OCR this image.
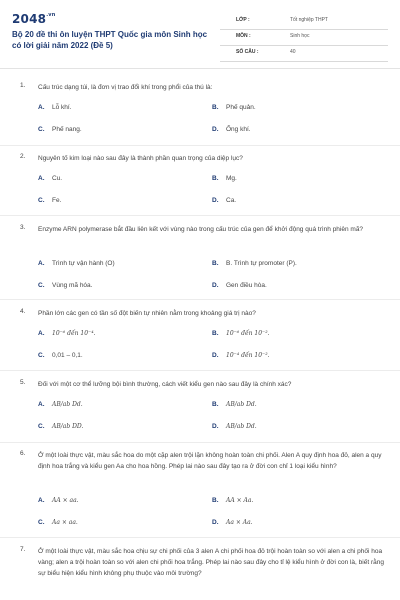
$2048^{.vn}$
Bộ 20 đề thi ôn luyện THPT Quốc gia môn Sinh học có lời giải năm 2022 (Đề 5)
LỚP :	Tốt nghiệp THPT
MÔN :	Sinh học
SỐ CÂU :	40
1. Cấu trúc dạng túi, là đơn vị trao đổi khí trong phổi của thú là:
A. Lỗ khí.	B. Phế quản.
C. Phế nang.	D. Ống khí.
2. Nguyên tố kim loại nào sau đây là thành phần quan trọng của diệp lục?
A. Cu.	B. Mg.
C. Fe.	D. Ca.
3. Enzyme ARN polymerase bắt đầu liên kết với vùng nào trong cấu trúc của gen để khởi động quá trình phiên mã?
A. Trình tự vận hành (O)	B. B. Trình tự promoter (P).
C. Vùng mã hóa.	D. Gen điều hòa.
4. Phần lớn các gen có tần số đột biến tự nhiên nằm trong khoảng giá trị nào?
A. 10⁻⁶ đến 10⁻⁴.	B. 10⁻⁶ đến 10⁻².
C. 0,01 – 0,1.	D. 10⁻⁴ đến 10⁻².
5. Đối với một cơ thể lưỡng bội bình thường, cách viết kiểu gen nào sau đây là chính xác?
A. AB/ab Dd.	B. AB/ab Dd.
C. AB/ab DD.	D. AB/ab Dd.
6. Ở một loài thực vật, màu sắc hoa do một cặp alen trội lặn không hoàn toàn chi phối. Alen A quy định hoa đỏ, alen a quy định hoa trắng và kiểu gen Aa cho hoa hồng. Phép lai nào sau đây tạo ra ở đời con chỉ 1 loại kiểu hình?
A. AA × aa.	B. AA × Aa.
C. Aa × aa.	D. Aa × Aa.
7. Ở một loài thực vật, màu sắc hoa chịu sự chi phối của 3 alen A chi phối hoa đỏ trội hoàn toàn so với alen a chi phối hoa vàng; alen a trội hoàn toàn so với alen chi phối hoa trắng. Phép lai nào sau đây cho tỉ lệ kiểu hình ở đời con là, biết rằng sự biểu hiện kiểu hình không phụ thuộc vào môi trường?
